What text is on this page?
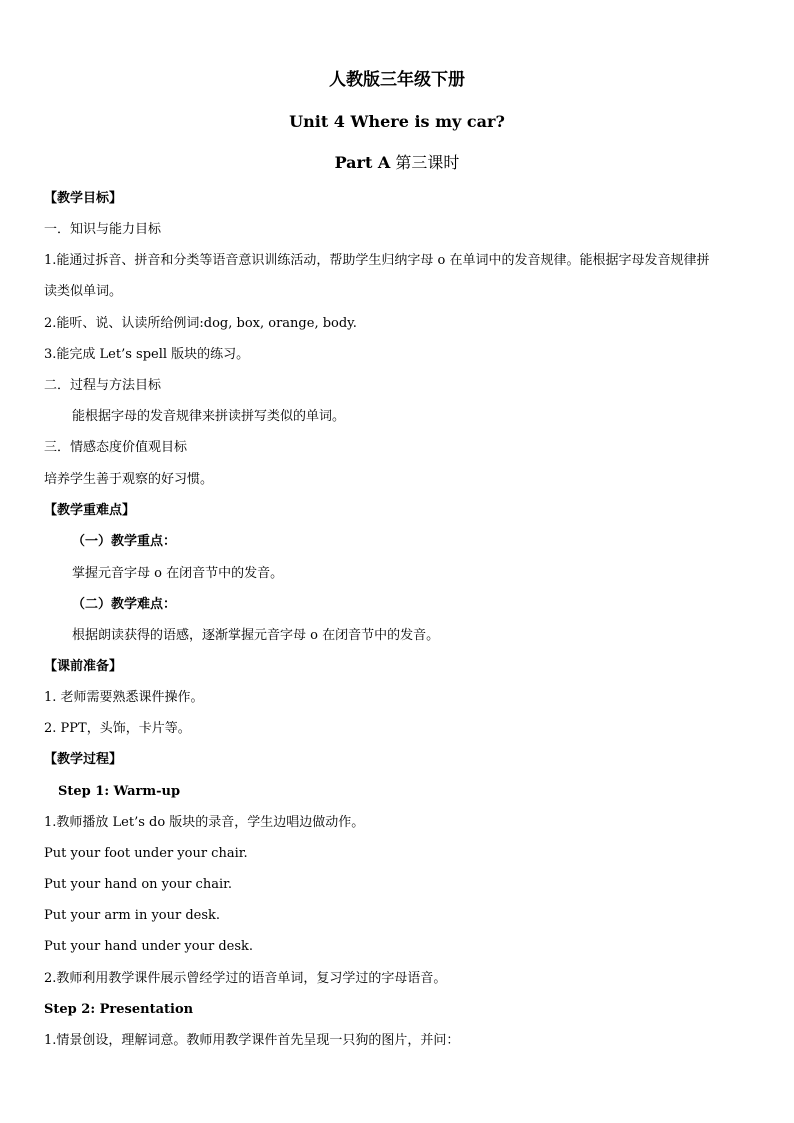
人教版三年级下册
Unit 4 Where is my car?
Part A 第三课时
【教学目标】
一．知识与能力目标
1.能通过拆音、拼音和分类等语音意识训练活动，帮助学生归纳字母 o 在单词中的发音规律。能根据字母发音规律拼
读类似单词。
2.能听、说、认读所给例词:dog, box, orange, body.
3.能完成 Let’s spell 版块的练习。
二．过程与方法目标
能根据字母的发音规律来拼读拼写类似的单词。
三．情感态度价值观目标
培养学生善于观察的好习惯。
【教学重难点】
（一）教学重点：
掌握元音字母 o 在闭音节中的发音。
（二）教学难点：
根据朗读获得的语感，逐渐掌握元音字母 o 在闭音节中的发音。
【课前准备】
1. 老师需要熟悉课件操作。
2. PPT，头饰，卡片等。
【教学过程】
Step 1: Warm-up
1.教师播放 Let’s do 版块的录音，学生边唱边做动作。
Put your foot under your chair.
Put your hand on your chair.
Put your arm in your desk.
Put your hand under your desk.
2.教师利用教学课件展示曾经学过的语音单词，复习学过的字母语音。
Step 2: Presentation
1.情景创设，理解词意。教师用教学课件首先呈现一只狗的图片，并问：
